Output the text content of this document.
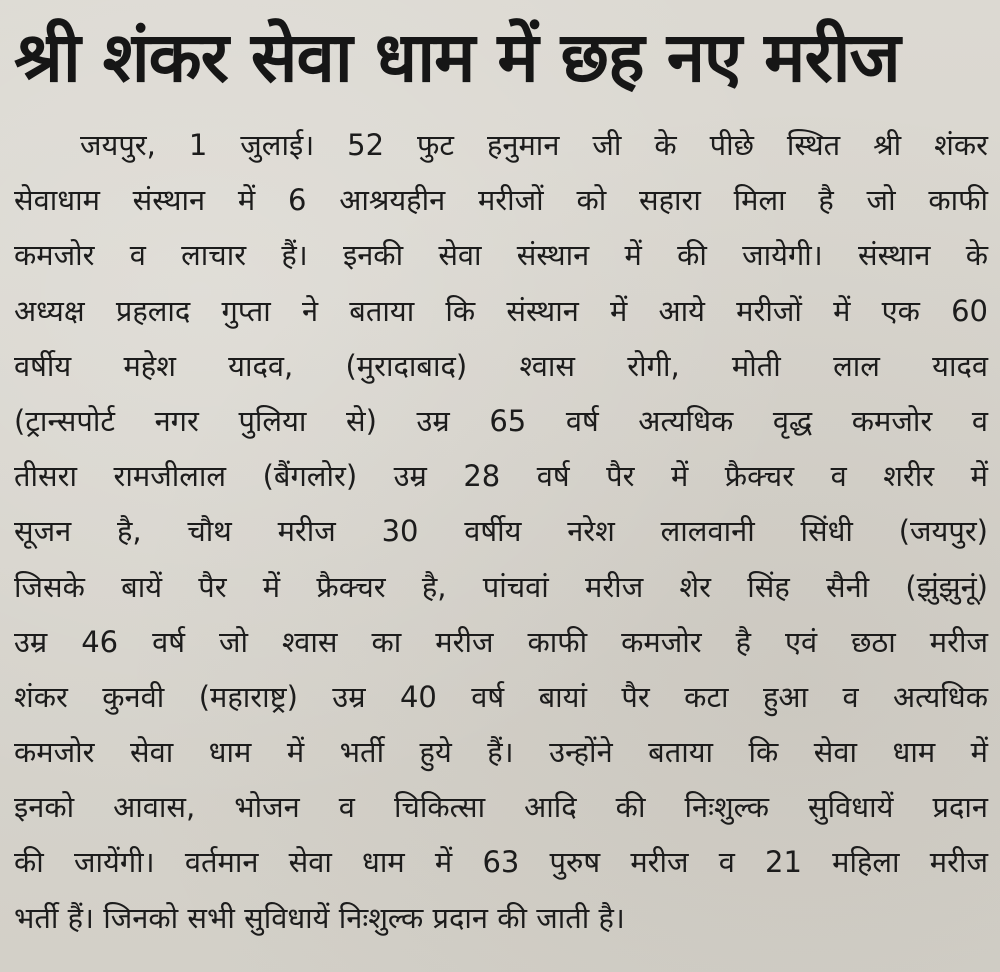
श्री शंकर सेवा धाम में छह नए मरीज
जयपुर, 1 जुलाई। 52 फुट हनुमान जी के पीछे स्थित श्री शंकर
सेवाधाम संस्थान में 6 आश्रयहीन मरीजों को सहारा मिला है जो काफी
कमजोर व लाचार हैं। इनकी सेवा संस्थान में की जायेगी। संस्थान के
अध्यक्ष प्रहलाद गुप्ता ने बताया कि संस्थान में आये मरीजों में एक 60
वर्षीय महेश यादव, (मुरादाबाद) श्वास रोगी, मोती लाल यादव
(ट्रान्सपोर्ट नगर पुलिया से) उम्र 65 वर्ष अत्यधिक वृद्ध कमजोर व
तीसरा रामजीलाल (बैंगलोर) उम्र 28 वर्ष पैर में फ्रैक्चर व शरीर में
सूजन है, चौथ मरीज 30 वर्षीय नरेश लालवानी सिंधी (जयपुर)
जिसके बायें पैर में फ्रैक्चर है, पांचवां मरीज शेर सिंह सैनी (झुंझुनूं)
उम्र 46 वर्ष जो श्वास का मरीज काफी कमजोर है एवं छठा मरीज
शंकर कुनवी (महाराष्ट्र) उम्र 40 वर्ष बायां पैर कटा हुआ व अत्यधिक
कमजोर सेवा धाम में भर्ती हुये हैं। उन्होंने बताया कि सेवा धाम में
इनको आवास, भोजन व चिकित्सा आदि की निःशुल्क सुविधायें प्रदान
की जायेंगी। वर्तमान सेवा धाम में 63 पुरुष मरीज व 21 महिला मरीज
भर्ती हैं। जिनको सभी सुविधायें निःशुल्क प्रदान की जाती है।
